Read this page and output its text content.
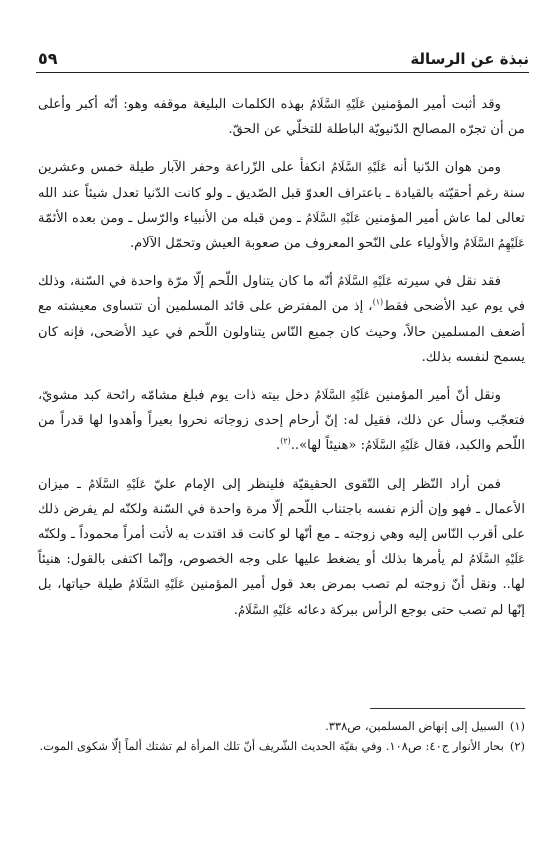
نبذة عن الرسالة
٥٩

وقد أثبت أمير المؤمنين عَلَيْهِ السَّلَامُ بهذه الكلمات البليغة موقفه وهو: أنّه أكبر وأعلى من أن تجرّه المصالح الدّنيويّة الباطلة للتخلّي عن الحقّ.

ومن هوان الدّنيا أنه عَلَيْهِ السَّلَامُ انكفأ على الزّراعة وحفر الآبار طيلة خمس وعشرين سنة رغم أحقيّته بالقيادة ـ باعتراف العدوّ قبل الصّديق ـ ولو كانت الدّنيا تعدل شيئاً عند الله تعالى لما عاش أمير المؤمنين عَلَيْهِ السَّلَامُ ـ ومن قبله من الأنبياء والرّسل ـ ومن بعده الأئمّة عَلَيْهِمُ السَّلَامُ والأولياء على النّحو المعروف من صعوبة العيش وتحمّل الآلام.

فقد نقل في سيرته عَلَيْهِ السَّلَامُ أنّه ما كان يتناول اللّحم إلّا مرّة واحدة في السّنة، وذلك في يوم عيد الأضحى فقط$^{(١)}$، إذ من المفترض على قائد المسلمين أن تتساوى معيشته مع أضعف المسلمين حالاً، وحيث كان جميع النّاس يتناولون اللّحم في عيد الأضحى، فإنه كان يسمح لنفسه بذلك.

ونقل أنّ أمير المؤمنين عَلَيْهِ السَّلَامُ دخل بيته ذات يوم فبلغ مشامّه رائحة كبد مشويّ، فتعجّب وسأل عن ذلك، فقيل له: إنّ أرحام إحدى زوجاته نحروا بعيراً وأهدوا لها قدراً من اللّحم والكبد، فقال عَلَيْهِ السَّلَامُ: «هنيئاً لها»..$^{(٢)}$.

فمن أراد النّظر إلى التّقوى الحقيقيّة فلينظر إلى الإمام عليّ عَلَيْهِ السَّلَامُ ـ ميزان الأعمال ـ فهو وإن ألزم نفسه باجتناب اللّحم إلّا مرة واحدة في السّنة ولكنّه لم يفرض ذلك على أقرب النّاس إليه وهي زوجته ـ مع أنّها لو كانت قد اقتدت به لأتت أمراً محموداً ـ ولكنّه عَلَيْهِ السَّلَامُ لم يأمرها بذلك أو يضغط عليها على وجه الخصوص، وإنّما اكتفى بالقول: هنيئاً لها.. ونقل أنّ زوجته لم تصب بمرض بعد قول أمير المؤمنين عَلَيْهِ السَّلَامُ طيلة حياتها، بل إنّها لم تصب حتى بوجع الرأس ببركة دعائه عَلَيْهِ السَّلَامُ.

(١)
السبيل إلى إنهاض المسلمين، ص٣٣٨.

(٢)
بحار الأنوار ج٤٠: ص١٠٨. وفي بقيّة الحديث الشّريف أنّ تلك المرأة لم تشتك ألماً إلّا شكوى الموت.
